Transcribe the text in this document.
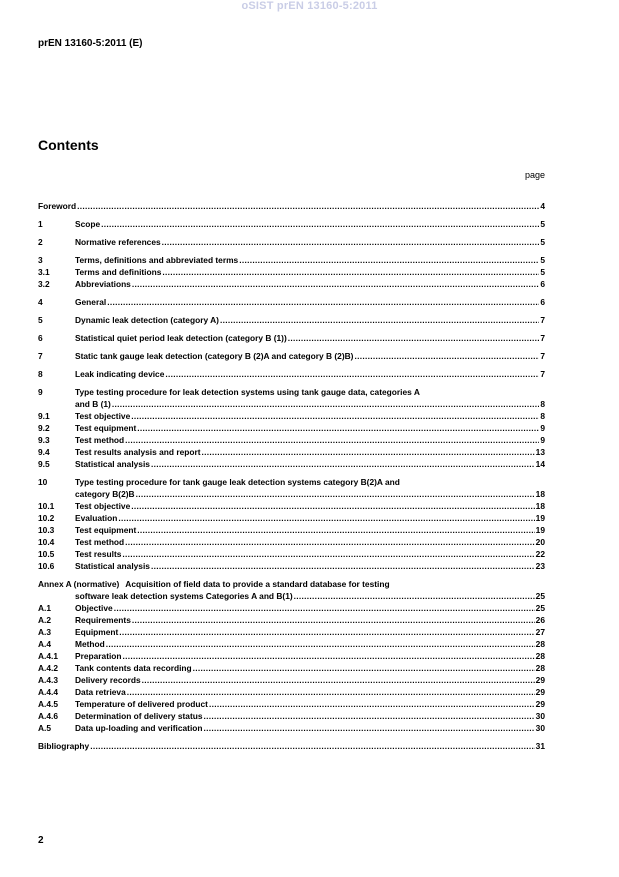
oSIST prEN 13160-5:2011
prEN 13160-5:2011 (E)
Contents
page
Foreword .....	4
1	Scope .....	5
2	Normative references .....	5
3	Terms, definitions and abbreviated terms .....	5
3.1	Terms and definitions .....	5
3.2	Abbreviations .....	6
4	General .....	6
5	Dynamic leak detection (category A) .....	7
6	Statistical quiet period leak detection (category B (1)) .....	7
7	Static tank gauge leak detection (category B (2)A and category B (2)B) .....	7
8	Leak indicating device .....	7
9	Type testing procedure for leak detection systems using tank gauge data, categories A
and B (1) .....	8
9.1	Test objective .....	8
9.2	Test equipment .....	9
9.3	Test method .....	9
9.4	Test results analysis and report .....	13
9.5	Statistical analysis .....	14
10	Type testing procedure for tank gauge leak detection systems category B(2)A and
category B(2)B .....	18
10.1	Test objective .....	18
10.2	Evaluation .....	19
10.3	Test equipment .....	19
10.4	Test method .....	20
10.5	Test results .....	22
10.6	Statistical analysis .....	23
Annex A (normative) Acquisition of field data to provide a standard database for testing
software leak detection systems Categories A and B(1) .....	25
A.1	Objective .....	25
A.2	Requirements .....	26
A.3	Equipment .....	27
A.4	Method .....	28
A.4.1	Preparation .....	28
A.4.2	Tank contents data recording .....	28
A.4.3	Delivery records .....	29
A.4.4	Data retrieva .....	29
A.4.5	Temperature of delivered product .....	29
A.4.6	Determination of delivery status .....	30
A.5	Data up-loading and verification .....	30
Bibliography .....	31
2
